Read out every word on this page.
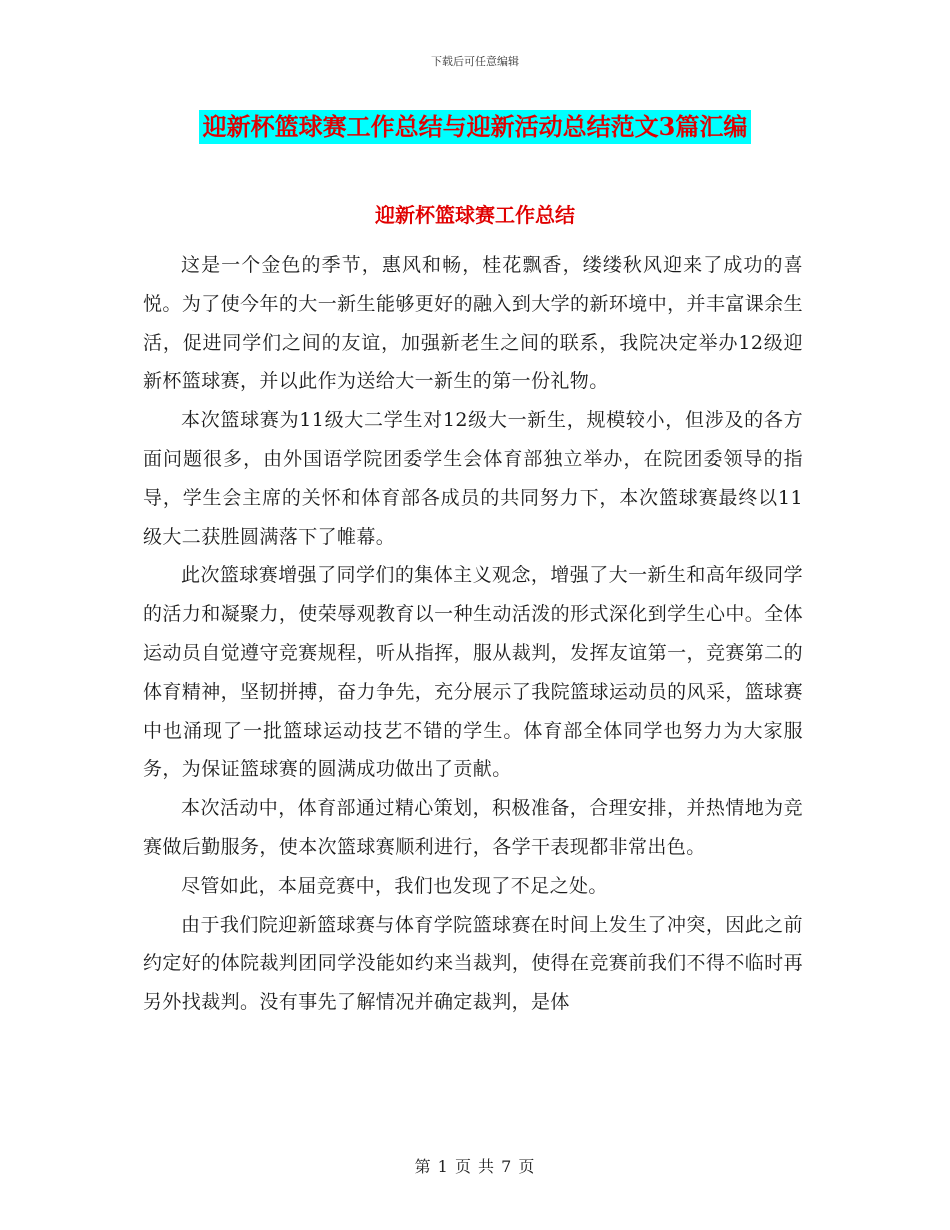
下载后可任意编辑
迎新杯篮球赛工作总结与迎新活动总结范文3篇汇编
迎新杯篮球赛工作总结

这是一个金色的季节，惠风和畅，桂花飘香，缕缕秋风迎来了成功的喜悦。为了使今年的大一新生能够更好的融入到大学的新环境中，并丰富课余生活，促进同学们之间的友谊，加强新老生之间的联系，我院决定举办12级迎新杯篮球赛，并以此作为送给大一新生的第一份礼物。

本次篮球赛为11级大二学生对12级大一新生，规模较小，但涉及的各方面问题很多，由外国语学院团委学生会体育部独立举办，在院团委领导的指导，学生会主席的关怀和体育部各成员的共同努力下，本次篮球赛最终以11级大二获胜圆满落下了帷幕。

此次篮球赛增强了同学们的集体主义观念，增强了大一新生和高年级同学的活力和凝聚力，使荣辱观教育以一种生动活泼的形式深化到学生心中。全体运动员自觉遵守竞赛规程，听从指挥，服从裁判，发挥友谊第一，竞赛第二的体育精神，坚韧拼搏，奋力争先，充分展示了我院篮球运动员的风采，篮球赛中也涌现了一批篮球运动技艺不错的学生。体育部全体同学也努力为大家服务，为保证篮球赛的圆满成功做出了贡献。

本次活动中，体育部通过精心策划，积极准备，合理安排，并热情地为竞赛做后勤服务，使本次篮球赛顺利进行，各学干表现都非常出色。

尽管如此，本届竞赛中，我们也发现了不足之处。

由于我们院迎新篮球赛与体育学院篮球赛在时间上发生了冲突，因此之前约定好的体院裁判团同学没能如约来当裁判，使得在竞赛前我们不得不临时再另外找裁判。没有事先了解情况并确定裁判，是体

第 1 页 共 7 页
